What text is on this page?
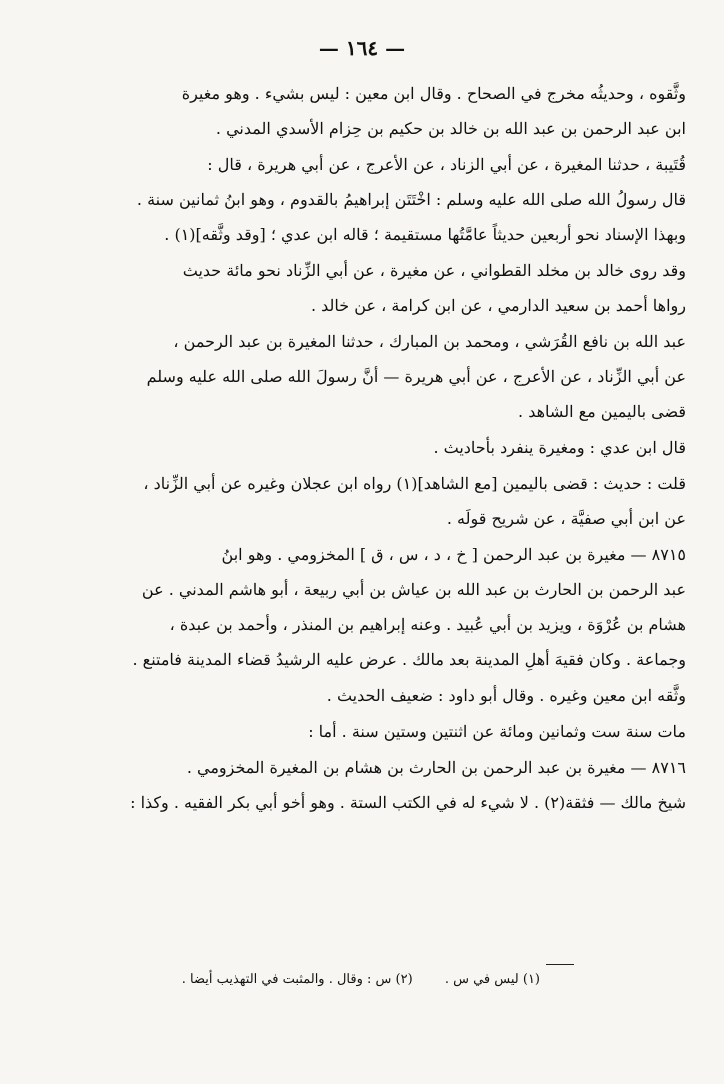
— ١٦٤ —
وثَّقوه ، وحديثُه مخرج في الصحاح . وقال ابن معين : ليس بشيء . وهو مغيرة
ابن عبد الرحمن بن عبد الله بن خالد بن حكيم بن حِزام الأسدي المدني .
قُتَيبة ، حدثنا المغيرة ، عن أبي الزناد ، عن الأعرج ، عن أبي هريرة ، قال :
قال رسولُ الله صلى الله عليه وسلم : اخْتَتَن إبراهيمُ بالقدوم ، وهو ابنُ ثمانين سنة .
وبهذا الإسناد نحو أربعين حديثاً عامَّتُها مستقيمة ؛ قاله ابن عدي ؛ [وقد وثَّقه](١) .
وقد روى خالد بن مخلد القطواني ، عن مغيرة ، عن أبي الزِّناد نحو مائة حديث
رواها أحمد بن سعيد الدارمي ، عن ابن كرامة ، عن خالد .
عبد الله بن نافع القُرَشي ، ومحمد بن المبارك ، حدثنا المغيرة بن عبد الرحمن ،
عن أبي الزِّناد ، عن الأعرج ، عن أبي هريرة — أنَّ رسولَ الله صلى الله عليه وسلم
قضى باليمين مع الشاهد .
قال ابن عدي : ومغيرة ينفرد بأحاديث .
قلت : حديث : قضى باليمين [مع الشاهد](١) رواه ابن عجلان وغيره عن أبي الزِّناد ،
عن ابن أبي صفيَّة ، عن شريح قولَه .
٨٧١٥ — مغيرة بن عبد الرحمن [ خ ، د ، س ، ق ] المخزومي . وهو ابنُ
عبد الرحمن بن الحارث بن عبد الله بن عياش بن أبي ربيعة ، أبو هاشم المدني . عن
هشام بن عُرْوَة ، ويزيد بن أبي عُبيد . وعنه إبراهيم بن المنذر ، وأحمد بن عبدة ،
وجماعة . وكان فقيهَ أهلِ المدينة بعد مالك . عرض عليه الرشيدُ قضاء المدينة فامتنع .
وثَّقه ابن معين وغيره . وقال أبو داود : ضعيف الحديث .
مات سنة ست وثمانين ومائة عن اثنتين وستين سنة . أما :
٨٧١٦ — مغيرة بن عبد الرحمن بن الحارث بن هشام بن المغيرة المخزومي .
شيخ مالك — فثقة(٢) . لا شيء له في الكتب الستة . وهو أخو أبي بكر الفقيه . وكذا :
(١) ليس في س . (٢) س : وقال . والمثبت في التهذيب أيضا .
